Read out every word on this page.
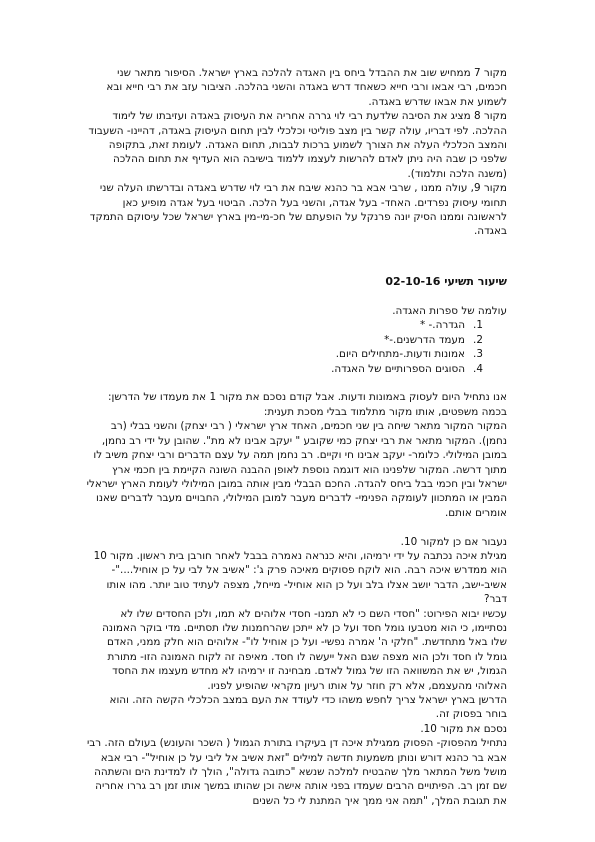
מקור 7 ממחיש שוב את ההבדל ביחס בין האגדה להלכה בארץ ישראל. הסיפור מתאר שני חכמים, רבי אבאו ורבי חייא כשאחד דרש באגדה והשני בהלכה. הציבור עזב את רבי חייא ובא לשמוע את אבאו שדרש באגדה.

מקור 8 מציג את הסיבה שלדעת רבי לוי גררה אחריה את העיסוק באגדה ועזיבתו של לימוד ההלכה. לפי דבריו, עולה קשר בין מצב פוליטי וכלכלי לבין תחום העיסוק באגדה, דהיינו- השעבוד והמצב הכלכלי העלה את הצורך לשמוע ברכות לבבות, תחום האגדה. לעומת זאת, בתקופה שלפני כן שבה היה ניתן לאדם להרשות לעצמו ללמוד בישיבה הוא העדיף את תחום ההלכה (משנה הלכה ותלמוד).

מקור 9, עולה ממנו , שרבי אבא בר כהנא שיבח את רבי לוי שדרש באגדה ובדרשתו העלה שני תחומי עיסוק נפרדים. האחד- בעל אגדה, והשני בעל הלכה. הביטוי בעל אגדה מופיע כאן לראשונה וממנו הסיק יונה פרנקל על הופעתם של חכ-מי-מין בארץ ישראל שכל עיסוקם התמקד באגדה.

שיעור תשיעי 02-10-16

עולמה של ספרות האגדה.

1.
הגדרה.- *
2.
מעמד הדרשנים.-*
3.
אמונות ודעות.-מתחילים היום.
4.
הסוגים הספרותיים של האגדה.

אנו נתחיל היום לעסוק באמונות ודעות. אבל קודם נסכם את מקור 1 את מעמדו של הדרשן: בכמה משפטים, אותו מקור מתלמוד בבלי מסכת תענית:

המקור המקור מתאר שיחה בין שני חכמים, האחד ארץ ישראלי ( רבי יצחק) והשני בבלי (רב נחמן). המקור מתאר את רבי יצחק כמי שקובע " יעקב אבינו לא מת". שהובן על ידי רב נחמן, במובן המילולי. כלומר- יעקב אבינו חי וקיים. רב נחמן תמה על עצם הדברים ורבי יצחק משיב לו מתוך דרשה. המקור שלפנינו הוא דוגמה נוספת לאופן ההבנה השונה הקיימת בין חכמי ארץ ישראל ובין חכמי בבל ביחס להגדה. החכם הבבלי מבין אותה במובן המילולי לעומת הארץ ישראלי המבין או המתכוון לעומקה הפנימי- לדברים מעבר למובן המילולי, החבויים מעבר לדברים שאנו אומרים אותם.

נעבור אם כן למקור 10.

מגילת איכה נכתבה על ידי ירמיהו, והיא כנראה נאמרה בבבל לאחר חורבן בית ראשון. מקור 10 הוא ממדרש איכה רבה. הוא לוקח פסוקים מאיכה פרק ג': "אשיב אל לבי על כן אוחיל...."- אשיב-ישב, הדבר יושב אצלו בלב ועל כן הוא אוחיל- מייחל, מצפה לעתיד טוב יותר. מהו אותו דבר?

עכשיו יבוא הפירוט: "חסדי השם כי לא תמנו- חסדי אלוהים לא תמו, ולכן החסדים שלו לא נסתיימו, כי הוא מטבעו גומל חסד ועל כן לא ייתכן שהרחמנות שלו תסתיים. מדי בוקר האמונה שלו באל מתחדשת. "חלקי ה' אמרה נפשי- ועל כן אוחיל לו"- אלוהים הוא חלק ממני, האדם גומל לו חסד ולכן הוא מצפה שגם האל ייעשה לו חסד. מאיפה זה לקוח האמונה הזו- מתורת הגמול, יש את המשוואה הזו של גמול לאדם. מבחינה זו ירמיהו לא מחדש מעצמו את החסד האלוהי מהעצמם, אלא רק חוזר על אותו רעיון מקראי שהופיע לפניו.

הדרשן בארץ ישראל צריך לחפש משהו כדי לעודד את העם במצב הכלכלי הקשה הזה. והוא בוחר בפסוק זה.

נסכם את מקור 10.

נתחיל מהפסוק- הפסוק ממגילת איכה דן בעיקרו בתורת הגמול ( השכר והעונש) בעולם הזה. רבי אבא בר כהנא דורש ונותן משמעות חדשה למילים "זאת אשיב אל ליבי על כן אוחיל"- רבי אבא מושל משל המתאר מלך שהבטיח למלכה שנשא "כתובה גדולה", הולך לו למדינת הים והשתהה שם זמן רב. הפיתויים הרבים שעמדו בפני אותה אישה וכן שהותו במשך אותו זמן רב גררו אחריה את תגובת המלך, "תמה אני ממך איך המתנת לי כל השנים
